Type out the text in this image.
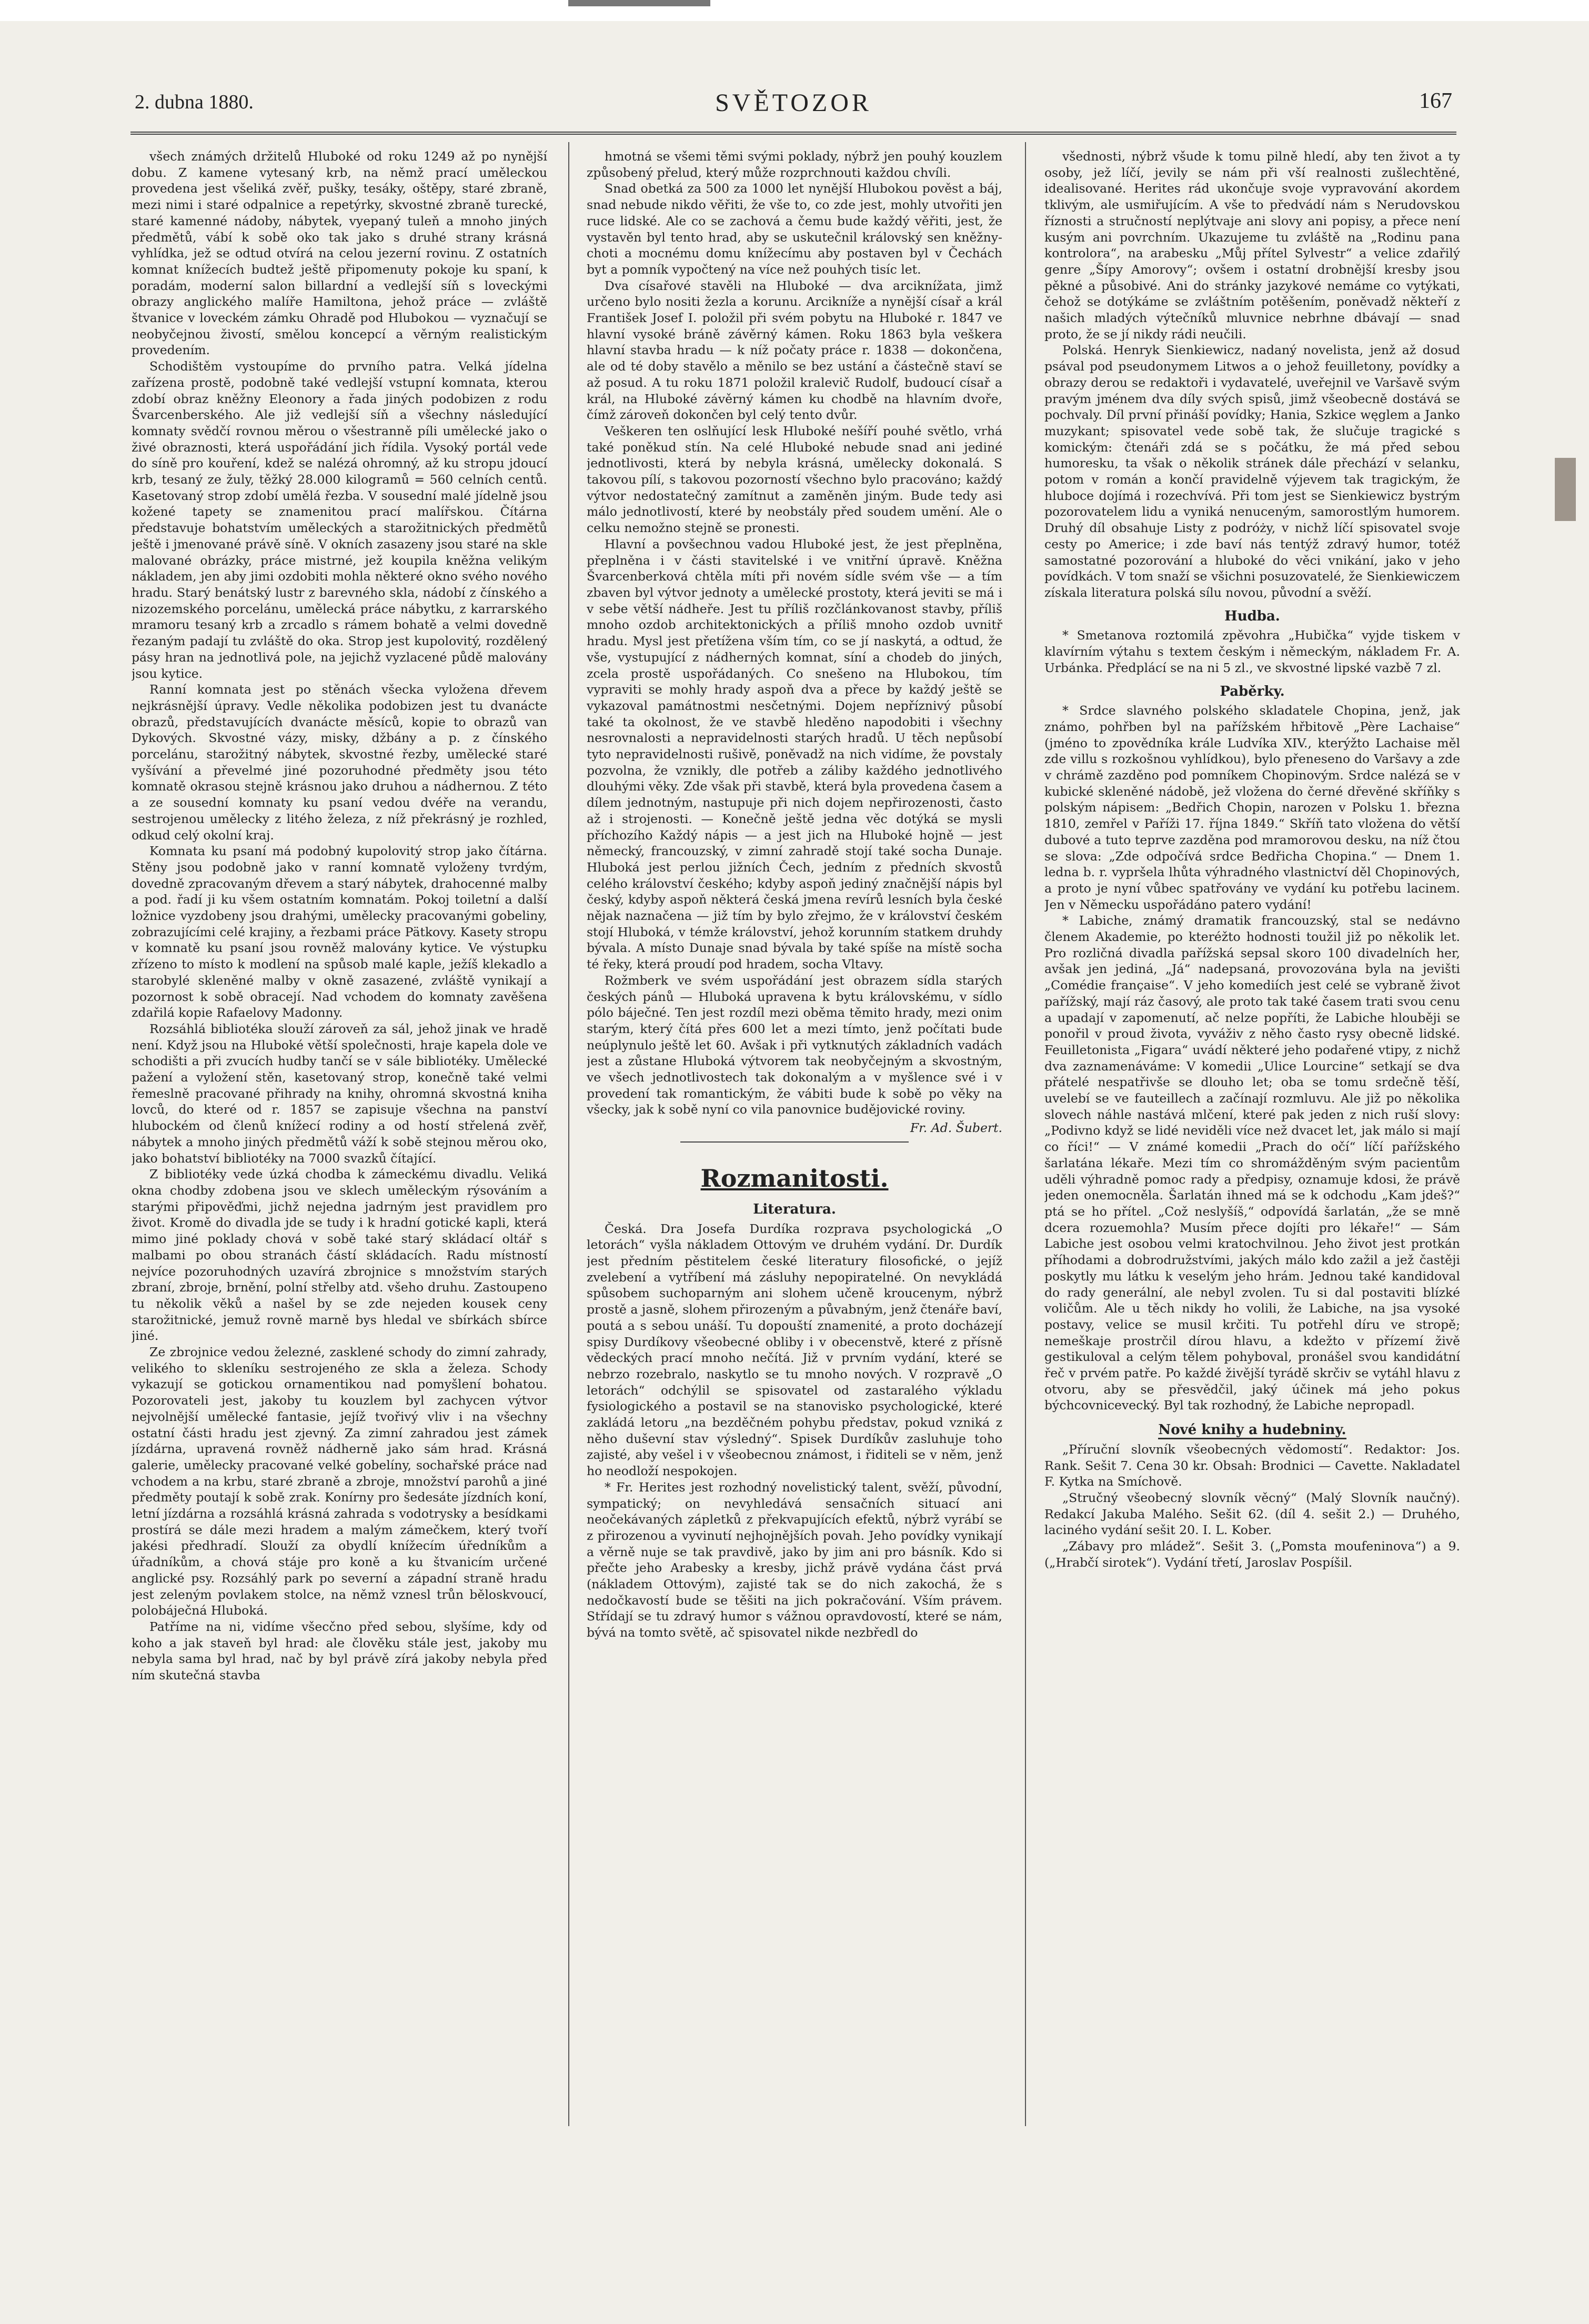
2. dubna 1880.	SVĚTOZOR	167

všech známých držitelů Hluboké od roku 1249 až po nynější dobu. Z kamene vytesaný krb, na němž prací uměleckou provedena jest všeliká zvěř, pušky, tesáky, oštěpy, staré zbraně, mezi nimi i staré odpalnice a repetýrky, skvostné zbraně turecké, staré kamenné nádoby, nábytek, vyepaný tuleň a mnoho jiných předmětů, vábí k sobě oko tak jako s druhé strany krásná vyhlídka, jež se odtud otvírá na celou jezerní rovinu. Z ostatních komnat knížecích budtež ještě připomenuty pokoje ku spaní, k poradám, moderní salon billardní a vedlejší síň s loveckými obrazy anglického malíře Hamiltona, jehož práce — zvláště štvanice v loveckém zámku Ohradě pod Hlubokou — vyznačují se neobyčejnou živostí, smělou koncepcí a věrným realistickým provedením.

Schodištěm vystoupíme do prvního patra. Velká jídelna zařízena prostě, podobně také vedlejší vstupní komnata, kterou zdobí obraz kněžny Eleonory a řada jiných podobizen z rodu Švarcenberského. Ale již vedlejší síň a všechny následující komnaty svědčí rovnou měrou o všestranně píli umělecké jako o živé obraznosti, která uspořádání jich řídila. Vysoký portál vede do síně pro kouření, kdež se nalézá ohromný, až ku stropu jdoucí krb, tesaný ze žuly, těžký 28.000 kilogramů = 560 celních centů. Kasetovaný strop zdobí umělá řezba. V sousední malé jídelně jsou kožené tapety se znamenitou prací malířskou. Čítárna představuje bohatstvím uměleckých a starožitnických předmětů ještě i jmenované právě síně. V okních zasazeny jsou staré na skle malované obrázky, práce mistrné, jež koupila kněžna velikým nákladem, jen aby jimi ozdobiti mohla některé okno svého nového hradu. Starý benátský lustr z barevného skla, nádobí z čínského a nizozemského porcelánu, umělecká práce nábytku, z karrarského mramoru tesaný krb a zrcadlo s rámem bohatě a velmi dovedně řezaným padají tu zvláště do oka. Strop jest kupolovitý, rozdělený pásy hran na jednotlivá pole, na jejichž vyzlacené půdě malovány jsou kytice.

Ranní komnata jest po stěnách všecka vyložena dřevem nejkrásnější úpravy. Vedle několika podobizen jest tu dvanácte obrazů, představujících dvanácte měsíců, kopie to obrazů van Dykových. Skvostné vázy, misky, džbány a p. z čínského porcelánu, starožitný nábytek, skvostné řezby, umělecké staré vyšívání a převelmé jiné pozoruhodné předměty jsou této komnatě okrasou stejně krásnou jako druhou a nádhernou. Z této a ze sousední komnaty ku psaní vedou dvéře na verandu, sestrojenou umělecky z litého železa, z níž překrásný je rozhled, odkud celý okolní kraj.

Komnata ku psaní má podobný kupolovitý strop jako čítárna. Stěny jsou podobně jako v ranní komnatě vyloženy tvrdým, dovedně zpracovaným dřevem a starý nábytek, drahocenné malby a pod. řadí ji ku všem ostatním komnatám. Pokoj toiletní a další ložnice vyzdobeny jsou drahými, umělecky pracovanými gobeliny, zobrazujícími celé krajiny, a řezbami práce Pätkovy. Kasety stropu v komnatě ku psaní jsou rovněž malovány kytice. Ve výstupku zřízeno to místo k modlení na spůsob malé kaple, ježíš klekadlo a starobylé skleněné malby v okně zasazené, zvláště vynikají a pozornost k sobě obracejí. Nad vchodem do komnaty zavěšena zdařilá kopie Rafaelovy Madonny.

Rozsáhlá bibliotéka slouží zároveň za sál, jehož jinak ve hradě není. Když jsou na Hluboké větší společnosti, hraje kapela dole ve schodišti a při zvucích hudby tančí se v sále bibliotéky. Umělecké pažení a vyložení stěn, kasetovaný strop, konečně také velmi řemeslně pracované přihrady na knihy, ohromná skvostná kniha lovců, do které od r. 1857 se zapisuje všechna na panství hlubockém od členů knížecí rodiny a od hostí střelená zvěř, nábytek a mnoho jiných předmětů váží k sobě stejnou měrou oko, jako bohatství bibliotéky na 7000 svazků čítající.

Z bibliotéky vede úzká chodba k zámeckému divadlu. Veliká okna chodby zdobena jsou ve sklech uměleckým rýsováním a starými připověďmi, jichž nejedna jadrným jest pravidlem pro život. Kromě do divadla jde se tudy i k hradní gotické kapli, která mimo jiné poklady chová v sobě také starý skládací oltář s malbami po obou stranách částí skládacích. Radu místností nejvíce pozoruhodných uzavírá zbrojnice s množstvím starých zbraní, zbroje, brnění, polní střelby atd. všeho druhu. Zastoupeno tu několik věků a našel by se zde nejeden kousek ceny starožitnické, jemuž rovně marně bys hledal ve sbírkách sbírce jiné.

Ze zbrojnice vedou železné, zasklené schody do zimní zahrady, velikého to skleníku sestrojeného ze skla a železa. Schody vykazují se gotickou ornamentikou nad pomyšlení bohatou. Pozorovateli jest, jakoby tu kouzlem byl zachycen výtvor nejvolnější umělecké fantasie, jejíž tvořivý vliv i na všechny ostatní části hradu jest zjevný. Za zimní zahradou jest zámek jízdárna, upravená rovněž nádherně jako sám hrad. Krásná galerie, umělecky pracované velké gobelíny, sochařské práce nad vchodem a na krbu, staré zbraně a zbroje, množství parohů a jiné předměty poutají k sobě zrak. Konírny pro šedesáte jízdních koní, letní jízdárna a rozsáhlá krásná zahrada s vodotrysky a besídkami prostírá se dále mezi hradem a malým zámečkem, který tvoří jakési předhradí. Slouží za obydlí knížecím úředníkům a úřadníkům, a chová stáje pro koně a ku štvanicím určené anglické psy. Rozsáhlý park po severní a západní straně hradu jest zeleným povlakem stolce, na němž vznesl trůn běloskvoucí, polobáječná Hluboká.

Patříme na ni, vidíme všecčno před sebou, slyšíme, kdy od koho a jak staveň byl hrad: ale člověku stále jest, jakoby mu nebyla sama byl hrad, nač by byl právě zírá jakoby nebyla před ním skutečná stavba

hmotná se všemi těmi svými poklady, nýbrž jen pouhý kouzlem způsobený přelud, který může rozprchnouti každou chvíli.

Snad obetká za 500 za 1000 let nynější Hlubokou pověst a báj, snad nebude nikdo věřiti, že vše to, co zde jest, mohly utvořiti jen ruce lidské. Ale co se zachová a čemu bude každý věřiti, jest, že vystavěn byl tento hrad, aby se uskutečnil královský sen kněžny-choti a mocnému domu knížecímu aby postaven byl v Čechách byt a pomník vypočtený na více než pouhých tisíc let.

Dva císařové stavěli na Hluboké — dva arciknížata, jimž určeno bylo nositi žezla a korunu. Arcikníže a nynější císař a král František Josef I. položil při svém pobytu na Hluboké r. 1847 ve hlavní vysoké bráně závěrný kámen. Roku 1863 byla veškera hlavní stavba hradu — k níž počaty práce r. 1838 — dokončena, ale od té doby stavělo a měnilo se bez ustání a částečně staví se až posud. A tu roku 1871 položil kralevič Rudolf, budoucí císař a král, na Hluboké závěrný kámen ku chodbě na hlavním dvoře, čímž zároveň dokončen byl celý tento dvůr.

Veškeren ten oslňující lesk Hluboké nešíří pouhé světlo, vrhá také poněkud stín. Na celé Hluboké nebude snad ani jediné jednotlivosti, která by nebyla krásná, umělecky dokonalá. S takovou pílí, s takovou pozorností všechno bylo pracováno; každý výtvor nedostatečný zamítnut a zaměněn jiným. Bude tedy asi málo jednotlivostí, které by neobstály před soudem umění. Ale o celku nemožno stejně se pronesti.

Hlavní a povšechnou vadou Hluboké jest, že jest přeplněna, přeplněna i v části stavitelské i ve vnitřní úpravě. Kněžna Švarcenberková chtěla míti při novém sídle svém vše — a tím zbaven byl výtvor jednoty a umělecké prostoty, která jeviti se má i v sebe větší nádheře. Jest tu příliš rozčlánkovanost stavby, příliš mnoho ozdob architektonických a příliš mnoho ozdob uvnitř hradu. Mysl jest přetížena vším tím, co se jí naskytá, a odtud, že vše, vystupující z nádherných komnat, síní a chodeb do jiných, zcela prostě uspořádaných. Co snešeno na Hlubokou, tím vypraviti se mohly hrady aspoň dva a přece by každý ještě se vykazoval památnostmi nesčetnými. Dojem nepříznivý působí také ta okolnost, že ve stavbě hleděno napodobiti i všechny nesrovnalosti a nepravidelnosti starých hradů. U těch nepůsobí tyto nepravidelnosti rušivě, poněvadž na nich vidíme, že povstaly pozvolna, že vznikly, dle potřeb a záliby každého jednotlivého dlouhými věky. Zde však při stavbě, která byla provedena časem a dílem jednotným, nastupuje při nich dojem nepřirozenosti, často až i strojenosti. — Konečně ještě jedna věc dotýká se mysli příchozího Každý nápis — a jest jich na Hluboké hojně — jest německý, francouzský, v zimní zahradě stojí také socha Dunaje. Hluboká jest perlou jižních Čech, jedním z předních skvostů celého království českého; kdyby aspoň jediný značnější nápis byl český, kdyby aspoň některá česká jmena revírů lesních byla české nějak naznačena — již tím by bylo zřejmo, že v království českém stojí Hluboká, v témže království, jehož korunním statkem druhdy bývala. A místo Dunaje snad bývala by také spíše na místě socha té řeky, která proudí pod hradem, socha Vltavy.

Rožmberk ve svém uspořádání jest obrazem sídla starých českých pánů — Hluboká upravena k bytu královskému, v sídlo pólo báječné. Ten jest rozdíl mezi oběma těmito hrady, mezi onim starým, který čítá přes 600 let a mezi tímto, jenž počítati bude neúplynulo ještě let 60. Avšak i při vytknutých základních vadách jest a zůstane Hluboká výtvorem tak neobyčejným a skvostným, ve všech jednotlivostech tak dokonalým a v myšlence své i v provedení tak romantickým, že vábiti bude k sobě po věky na všecky, jak k sobě nyní co vila panovnice budějovické roviny.

Fr. Ad. Šubert.

Rozmanitosti.

Literatura.

Česká. Dra Josefa Durdíka rozprava psychologická „O letorách“ vyšla nákladem Ottovým ve druhém vydání. Dr. Durdík jest předním pěstitelem české literatury filosofické, o jejíž zvelebení a vytříbení má zásluhy nepopiratelné. On nevykládá spůsobem suchoparným ani slohem učeně kroucenym, nýbrž prostě a jasně, slohem přirozeným a půvabným, jenž čtenáře baví, poutá a s sebou unáší. Tu dopouští znamenité, a proto docházejí spisy Durdíkovy všeobecné obliby i v obecenstvě, které z přísně vědeckých prací mnoho nečítá. Již v prvním vydání, které se nebrzo rozebralo, naskytlo se tu mnoho nových. V rozpravě „O letorách“ odchýlil se spisovatel od zastaralého výkladu fysiologického a postavil se na stanovisko psychologické, které zakládá letoru „na bezděčném pohybu představ, pokud vzniká z něho duševní stav výsledný“. Spisek Durdíkův zasluhuje toho zajisté, aby vešel i v všeobecnou známost, i řiditeli se v něm, jenž ho neodloží nespokojen.

* Fr. Herites jest rozhodný novelistický talent, svěží, původní, sympatický; on nevyhledává sensačních situací ani neočekávaných zápletků z překvapujících efektů, nýbrž vyrábí se z přirozenou a vyvinutí nejhojnějších povah. Jeho povídky vynikají a věrně nuje se tak pravdivě, jako by jim ani pro básník. Kdo si přečte jeho Arabesky a kresby, jichž právě vydána část prvá (nákladem Ottovým), zajisté tak se do nich zakochá, že s nedočkavostí bude se těšiti na jich pokračování. Vším právem. Střídají se tu zdravý humor s vážnou opravdovostí, které se nám, bývá na tomto světě, ač spisovatel nikde nezbředl do

všednosti, nýbrž všude k tomu pilně hledí, aby ten život a ty osoby, jež líčí, jevily se nám při vší realnosti zušlechtěné, idealisované. Herites rád ukončuje svoje vypravování akordem tklivým, ale usmiřujícím. A vše to předvádí nám s Nerudovskou říznosti a stručností neplýtvaje ani slovy ani popisy, a přece není kusým ani povrchním. Ukazujeme tu zvláště na „Rodinu pana kontrolora“, na arabesku „Můj přítel Sylvestr“ a velice zdařilý genre „Šípy Amorovy“; ovšem i ostatní drobnější kresby jsou pěkné a působivé. Ani do stránky jazykové nemáme co vytýkati, čehož se dotýkáme se zvláštním potěšením, poněvadž někteří z našich mladých výtečníků mluvnice nebrhne dbávají — snad proto, že se jí nikdy rádi neučili.

Polská. Henryk Sienkiewicz, nadaný novelista, jenž až dosud psával pod pseudonymem Litwos a o jehož feuilletony, povídky a obrazy derou se redaktoři i vydavatelé, uveřejnil ve Varšavě svým pravým jménem dva díly svých spisů, jimž všeobecně dostává se pochvaly. Díl první přináší povídky; Hania, Szkice węglem a Janko muzykant; spisovatel vede sobě tak, že slučuje tragické s komickým: čtenáři zdá se s počátku, že má před sebou humoresku, ta však o několik stránek dále přechází v selanku, potom v román a končí pravidelně výjevem tak tragickým, že hluboce dojímá i rozechvívá. Při tom jest se Sienkiewicz bystrým pozorovatelem lidu a vyniká nenuceným, samorostlým humorem. Druhý díl obsahuje Listy z podróży, v nichž líčí spisovatel svoje cesty po Americe; i zde baví nás tentýž zdravý humor, totéž samostatné pozorování a hluboké do věci vnikání, jako v jeho povídkách. V tom snaží se všichni posuzovatelé, že Sienkiewiczem získala literatura polská sílu novou, původní a svěží.

Hudba.

* Smetanova roztomilá zpěvohra „Hubička“ vyjde tiskem v klavírním výtahu s textem českým i německým, nákladem Fr. A. Urbánka. Předplácí se na ni 5 zl., ve skvostné lipské vazbě 7 zl.

Paběrky.

* Srdce slavného polského skladatele Chopina, jenž, jak známo, pohřben byl na pařížském hřbitově „Père Lachaise“ (jméno to zpovědníka krále Ludvíka XIV., kterýžto Lachaise měl zde villu s rozkošnou vyhlídkou), bylo přeneseno do Varšavy a zde v chrámě zazděno pod pomníkem Chopinovým. Srdce nalézá se v kubické skleněné nádobě, jež vložena do černé dřevěné skříňky s polským nápisem: „Bedřich Chopin, narozen v Polsku 1. března 1810, zemřel v Paříži 17. října 1849.“ Skříň tato vložena do větší dubové a tuto teprve zazděna pod mramorovou desku, na níž čtou se slova: „Zde odpočívá srdce Bedřicha Chopina.“ — Dnem 1. ledna b. r. vypršela lhůta výhradného vlastnictví děl Chopinových, a proto je nyní vůbec spatřovány ve vydání ku potřebu lacinem. Jen v Německu uspořádáno patero vydání!

* Labiche, známý dramatik francouzský, stal se nedávno členem Akademie, po kteréžto hodnosti toužil již po několik let. Pro rozličná divadla pařížská sepsal skoro 100 divadelních her, avšak jen jediná, „Já“ nadepsaná, provozována byla na jevišti „Comédie française“. V jeho komediích jest celé se vybraně život pařížský, mají ráz časový, ale proto tak také časem trati svou cenu a upadají v zapomenutí, ač nelze popříti, že Labiche hlouběji se ponořil v proud života, vyváživ z něho často rysy obecně lidské. Feuilletonista „Figara“ uvádí některé jeho podařené vtipy, z nichž dva zaznamenáváme: V komedii „Ulice Lourcine“ setkají se dva přátelé nespatřivše se dlouho let; oba se tomu srdečně těší, uvelebí se ve fauteillech a začínají rozmluvu. Ale již po několika slovech náhle nastává mlčení, které pak jeden z nich ruší slovy: „Podivno když se lidé neviděli více než dvacet let, jak málo si mají co říci!“ — V známé komedii „Prach do očí“ líčí pařížského šarlatána lékaře. Mezi tím co shromážděným svým pacientům uděli výhradně pomoc rady a předpisy, oznamuje kdosi, že právě jeden onemocněla. Šarlatán ihned má se k odchodu „Kam jdeš?“ ptá se ho přítel. „Což neslyšíš,“ odpovídá šarlatán, „že se mně dcera rozuemohla? Musím přece dojíti pro lékaře!“ — Sám Labiche jest osobou velmi kratochvilnou. Jeho život jest protkán příhodami a dobrodružstvími, jakých málo kdo zažil a jež častěji poskytly mu látku k veselým jeho hrám. Jednou také kandidoval do rady generální, ale nebyl zvolen. Tu si dal postaviti blízké voličům. Ale u těch nikdy ho volili, že Labiche, na jsa vysoké postavy, velice se musil krčiti. Tu potřehl díru ve stropě; nemeškaje prostrčil dírou hlavu, a kdežto v přízemí živě gestikuloval a celým tělem pohyboval, pronášel svou kandidátní řeč v prvém patře. Po každé živější tyrádě skrčiv se vytáhl hlavu z otvoru, aby se přesvědčil, jaký účinek má jeho pokus býchcovnicevecký. Byl tak rozhodný, že Labiche nepropadl.

Nové knihy a hudebniny.

„Příruční slovník všeobecných vědomostí“. Redaktor: Jos. Rank. Sešit 7. Cena 30 kr. Obsah: Brodnici — Cavette. Nakladatel F. Kytka na Smíchově.

„Stručný všeobecný slovník věcný“ (Malý Slovník naučný). Redakcí Jakuba Malého. Sešit 62. (díl 4. sešit 2.) — Druhého, laciného vydání sešit 20. I. L. Kober.

„Zábavy pro mládež“. Sešit 3. („Pomsta moufeninova“) a 9. („Hrabčí sirotek“). Vydání třetí, Jaroslav Pospíšil.
